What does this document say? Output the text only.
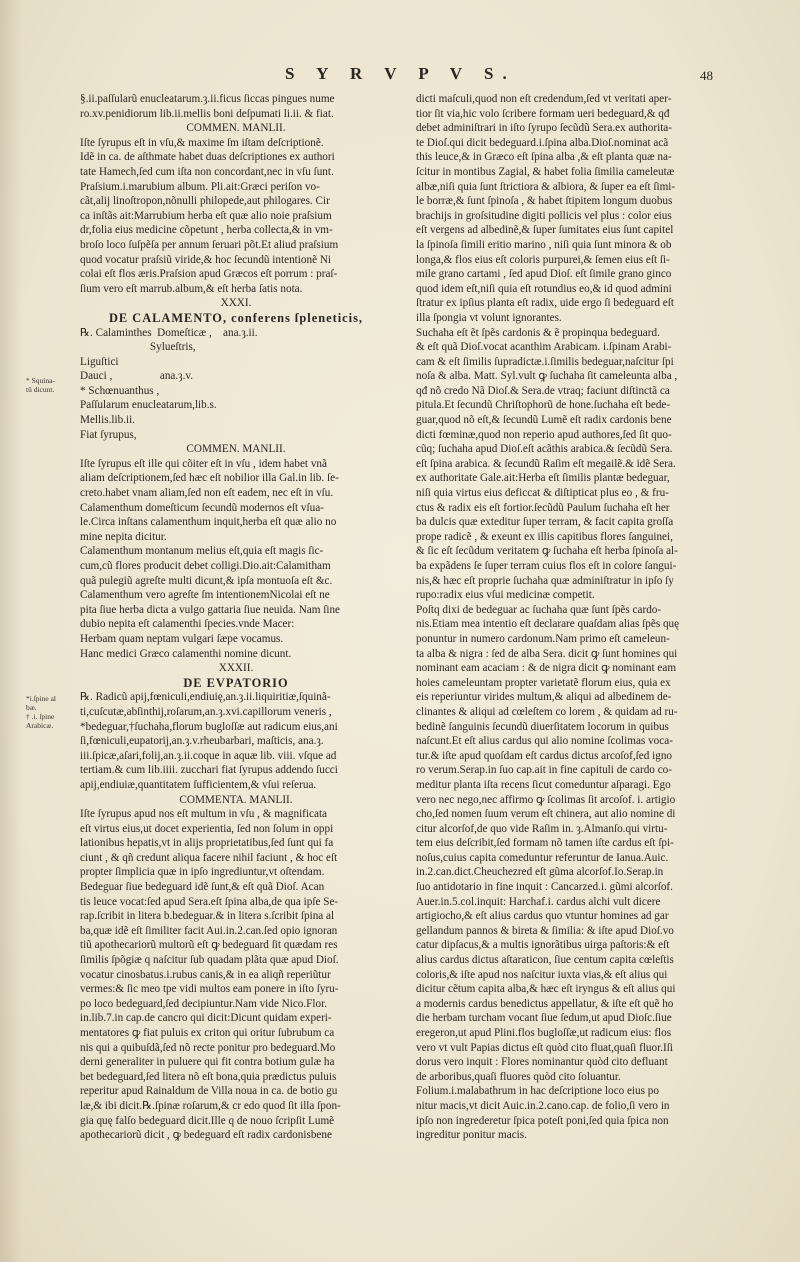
S Y R V P V S.	48
§.ii.paſſularũ enucleatarum.ȝ.ii.ficus ſiccas pingues nume
ro.xv.penidiorum lib.ii.mellis boni deſpumati li.ii. & fiat.
COMMEN. MANLII.
Iſte ſyrupus eſt in vſu,& maxime ſm iſtam deſcriptionẽ.
Idẽ in ca. de aſthmate habet duas deſcriptiones ex authori
tate Hamech,ſed cum iſta non concordant,nec in vſu ſunt.
Praſsium.i.marubium album. Pli.ait:Græci periſon vo-
cãt,alij linoſtropon,nõnulli philopede,aut philogares. Cir
ca inſtãs ait:Marrubium herba eſt quæ alio noie praſsium
dr,folia eius medicine cõpetunt , herba collecta,& in vm-
broſo loco ſuſpẽſa per annum ſeruari põt.Et aliud praſsium
quod vocatur praſsiũ viride,& hoc ſecundũ intentionẽ Ni
colai eſt flos æris.Praſsion apud Græcos eſt porrum : praſ-
ſium vero eſt marrub.album,& eſt herba ſatis nota.
XXXI.
DE CALAMENTO, conferens ſpleneticis,
℞. Calaminthes  Domeſticæ ,    ana.ȝ.ii.
Sylueſtris,
Liguſtici
Dauci ,                 ana.ȝ.v.
* Schœnuanthus ,
Paſſularum enucleatarum,lib.s.
Mellis.lib.ii.
Fiat ſyrupus,
COMMEN. MANLII.
Iſte ſyrupus eſt ille qui cõiter eſt in vſu , idem habet vnã
aliam deſcriptionem,ſed hæc eſt nobilior illa Gal.in lib. ſe-
creto.habet vnam aliam,ſed non eſt eadem, nec eſt in vſu.
Calamenthum domeſticum ſecundũ modernos eſt vſua-
le.Circa inſtans calamenthum inquit,herba eſt quæ alio no
mine nepita dicitur.
Calamenthum montanum melius eſt,quia eſt magis ſic-
cum,cũ flores producit debet colligi.Dio.ait:Calamitham
quã pulegiũ agreſte multi dicunt,& ipſa montuoſa eſt &c.
Calamenthum vero agreſte ſm intentionemNicolai eſt ne
pita ſiue herba dicta a vulgo gattaria ſiue neuida. Nam ſine
dubio nepita eſt calamenthi ſpecies.vnde Macer:
Herbam quam neptam vulgari ſæpe vocamus.
Hanc medici Græco calamenthi nomine dicunt.
XXXII.
DE EVPATORIO
℞. Radicũ apij,fœniculi,endiuię,an.ȝ.ii.liquiritiæ,ſquinã-
ti,cuſcutæ,abſinthij,roſarum,an.ȝ.xvi.capillorum veneris ,
*bedeguar,†ſuchaha,florum bugloſſæ aut radicum eius,ani
ſi,fœniculi,eupatorij,an.ȝ.v.rheubarbari, maſticis, ana.ȝ.
iii.ſpicæ,aſari,folij,an.ȝ.ii.coque in aquæ lib. viii. vſque ad
tertiam.& cum lib.iiii. zucchari fiat ſyrupus addendo ſucci
apij,endiuiæ,quantitatem ſufficientem,& vſui reſerua.
COMMENTA. MANLII.
Iſte ſyrupus apud nos eſt multum in vſu , & magnificata
eſt virtus eius,ut docet experientia, ſed non ſolum in oppi
lationibus hepatis,vt in alijs proprietatibus,ſed ſunt qui fa
ciunt , & qñ credunt aliqua facere nihil faciunt , & hoc eſt
propter ſimplicia quæ in ipſo ingrediuntur,vt oſtendam.
Bedeguar ſiue bedeguard idẽ ſunt,& eſt quã Dioſ. Acan
tis leuce vocat:ſed apud Sera.eſt ſpina alba,de qua ipſe Se-
rap.ſcribit in litera b.bedeguar.& in litera s.ſcribit ſpina al
ba,quæ idẽ eſt ſimiliter facit Aui.in.2.can.ſed opio ignoran
tiũ apothecariorũ multorũ eſt ꝙ bedeguard ſit quædam res
ſimilis ſpõgiæ q naſcitur ſub quadam plãta quæ apud Dioſ.
vocatur cinosbatus.i.rubus canis,& in ea aliqñ reperiũtur
vermes:& ſic meo tpe vidi multos eam ponere in iſto ſyru-
po loco bedeguard,ſed decipiuntur.Nam vide Nico.Flor.
in.lib.7.in cap.de cancro qui dicit:Dicunt quidam experi-
mentatores ꝙ fiat puluis ex criton qui oritur ſubrubum ca
nis qui a quibuſdã,ſed nõ recte ponitur pro bedeguard.Mo
derni generaliter in puluere qui fit contra botium gulæ ha
bet bedeguard,ſed litera nõ eſt bona,quia prædictus puluis
reperitur apud Rainaldum de Villa noua in ca. de botio gu
læ,& ibi dicit.℞.ſpinæ roſarum,& cr edo quod ſit illa ſpon-
gia quę falſo bedeguard dicit.Ille q de nouo ſcripſit Lumẽ
apothecariorũ dicit , ꝙ bedeguard eſt radix cardonisbene
dicti maſculi,quod non eſt credendum,ſed vt veritati aper-
tior ſit via,hic volo ſcribere formam ueri bedeguard,& qđ
debet adminiſtrari in iſto ſyrupo ſecũdũ Sera.ex authorita-
te Dioſ.qui dicit bedeguard.i.ſpina alba.Dioſ.nominat acã
this leuce,& in Græco eſt ſpina alba ,& eſt planta quæ na-
ſcitur in montibus Zagial, & habet folia ſimilia cameleutæ
albæ,niſi quia ſunt ſtrictiora & albiora, & ſuper ea eſt ſimi-
le borræ,& ſunt ſpinoſa , & habet ſtipitem longum duobus
brachijs in groſsitudine digiti pollicis vel plus : color eius
eſt vergens ad albedinẽ,& ſuper ſumitates eius ſunt capitel
la ſpinoſa ſimili eritio marino , niſi quia ſunt minora & ob
longa,& flos eius eſt coloris purpurei,& ſemen eius eſt ſi-
mile grano cartami , ſed apud Dioſ. eſt ſimile grano ginco
quod idem eſt,niſi quia eſt rotundius eo,& id quod admini
ſtratur ex ipſius planta eſt radix, uide ergo ſi bedeguard eſt
illa ſpongia vt volunt ignorantes.
Suchaha eſt ẽt ſpẽs cardonis & ẽ propinqua bedeguard.
& eſt quã Dioſ.vocat acanthim Arabicam. i.ſpinam Arabi-
cam & eſt ſimilis ſupradictæ.i.ſimilis bedeguar,naſcitur ſpi
noſa & alba. Matt. Syl.vult ꝙ ſuchaha ſit cameleunta alba ,
qđ nõ credo Nã Dioſ.& Sera.de vtraq; faciunt diſtinctã ca
pitula.Et ſecundũ Chriſtophorũ de hone.ſuchaha eſt bede-
guar,quod nõ eſt,& ſecundũ Lumẽ eſt radix cardonis bene
dicti fœminæ,quod non reperio apud authores,ſed ſit quo-
cũq; ſuchaha apud Dioſ.eſt acãthis arabica.& ſecũdũ Sera.
eſt ſpina arabica. & ſecundũ Raſim eſt megailẽ.& idẽ Sera.
ex authoritate Gale.ait:Herba eſt ſimilis plantæ bedeguar,
niſi quia virtus eius deficcat & diſtipticat plus eo , & fru-
ctus & radix eis eſt fortior.ſecũdũ Paulum ſuchaha eſt her
ba dulcis quæ exteditur ſuper terram, & facit capita groſſa
prope radicẽ , & exeunt ex illis capitibus flores ſanguinei,
& ſic eſt ſecũdum veritatem ꝙ ſuchaha eſt herba ſpinoſa al-
ba expãdens ſe ſuper terram cuius flos eſt in colore ſangui-
nis,& hæc eſt proprie ſuchaha quæ adminiſtratur in ipſo ſy
rupo:radix eius vſui medicinæ competit.
Poſtq dixi de bedeguar ac ſuchaha quæ ſunt ſpẽs cardo-
nis.Etiam mea intentio eſt declarare quaſdam alias ſpẽs quę
ponuntur in numero cardonum.Nam primo eſt cameleun-
ta alba & nigra : ſed de alba Sera. dicit ꝙ ſunt homines qui
nominant eam acaciam : & de nigra dicit ꝙ nominant eam
hoies cameleuntam propter varietatẽ florum eius, quia ex
eis reperiuntur virides multum,& aliqui ad albedinem de-
clinantes & aliqui ad cœleſtem co lorem , & quidam ad ru-
bedinẽ ſanguinis ſecundũ diuerſitatem locorum in quibus
naſcunt.Et eſt alius cardus qui alio nomine ſcolimas voca-
tur.& iſte apud quoſdam eſt cardus dictus arcoſof,ſed igno
ro verum.Serap.in ſuo cap.ait in fine capituli de cardo co-
meditur planta iſta recens ſicut comeduntur aſparagi. Ego
vero nec nego,nec affirmo ꝙ ſcolimas ſit arcoſof. i. artigio
cho,ſed nomen ſuum verum eſt chinera, aut alio nomine di
citur alcorſof,de quo vide Raſim in. ȝ.Almanſo.qui virtu-
tem eius deſcribit,ſed formam nõ tamen iſte cardus eſt ſpi-
noſus,cuius capita comeduntur referuntur de Ianua.Auic.
in.2.can.dict.Cheuchezred eſt gũma alcorſof.Io.Serap.in
ſuo antidotario in fine inquit : Cancarzed.i. gũmi alcorſof.
Auer.in.5.col.inquit: Harchaf.i. cardus alchi vult dicere
artigiocho,& eſt alius cardus quo vtuntur homines ad gar
gellandum pannos & bireta & ſimilia: & iſte apud Dioſ.vo
catur dipſacus,& a multis ignorãtibus uirga paſtoris:& eſt
alius cardus dictus aſtaraticon, ſiue centum capita cœleſtis
coloris,& iſte apud nos naſcitur iuxta vias,& eſt alius qui
dicitur cẽtum capita alba,& hæc eſt iryngus & eſt alius qui
a modernis cardus benedictus appellatur, & iſte eſt quẽ ho
die herbam turcham vocant ſiue ſedum,ut apud Dioſc.ſiue
eregeron,ut apud Plini.flos bugloſſæ,ut radicum eius: flos
vero vt vult Papias dictus eſt quòd cito fluat,quaſi fluor.Iſi
dorus vero inquit : Flores nominantur quòd cito defluant
de arboribus,quaſi fluores quòd cito ſoluantur.
Folium.i.malabathrum in hac deſcriptione loco eius po
nitur macis,vt dicit Auic.in.2.cano.cap. de folio,ſi vero in
ipſo non ingrederetur ſpica poteſt poni,ſed quia ſpica non
ingreditur ponitur macis.
* Squina-
tũ dicunt.
*i.ſpine al
bæ.
† .i. ſpine
Arabicæ.
